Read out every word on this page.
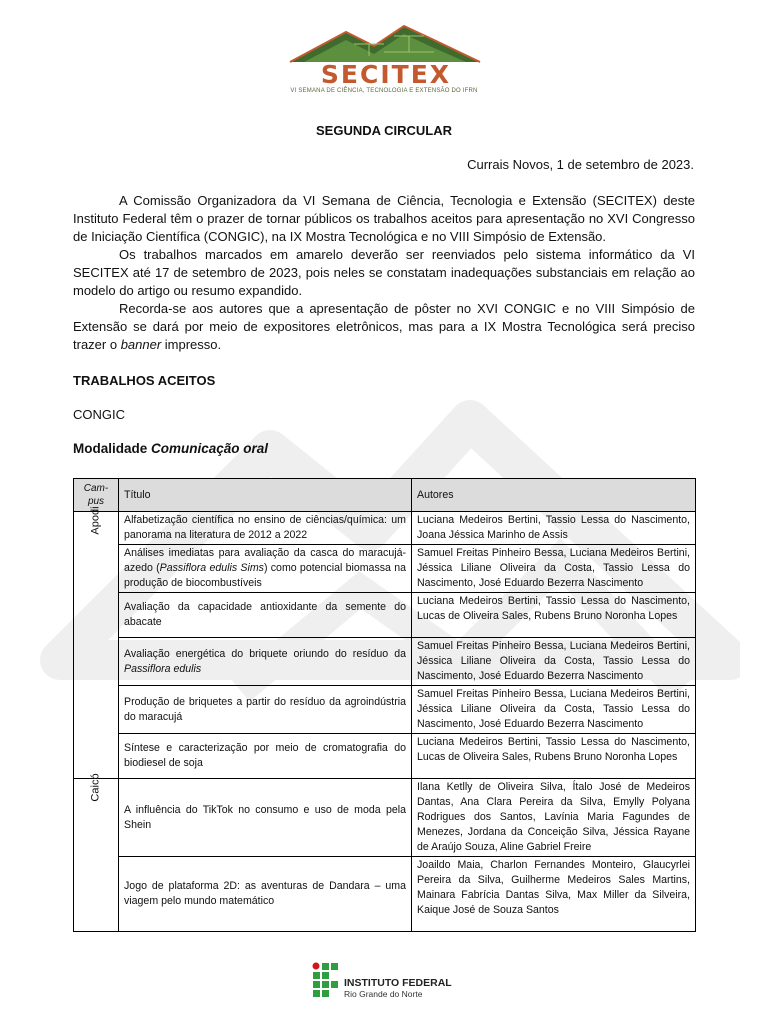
SECITEX
VI SEMANA DE CIÊNCIA, TECNOLOGIA E EXTENSÃO DO IFRN
SEGUNDA CIRCULAR
Currais Novos, 1 de setembro de 2023.

A Comissão Organizadora da VI Semana de Ciência, Tecnologia e Extensão (SECITEX) deste Instituto Federal têm o prazer de tornar públicos os trabalhos aceitos para apresentação no XVI Congresso de Iniciação Científica (CONGIC), na IX Mostra Tecnológica e no VIII Simpósio de Extensão.

Os trabalhos marcados em amarelo deverão ser reenviados pelo sistema informático da VI SECITEX até 17 de setembro de 2023, pois neles se constatam inadequações substanciais em relação ao modelo do artigo ou resumo expandido.

Recorda-se aos autores que a apresentação de pôster no XVI CONGIC e no VIII Simpósio de Extensão se dará por meio de expositores eletrônicos, mas para a IX Mostra Tecnológica será preciso trazer o banner impresso.

TRABALHOS ACEITOS
CONGIC
Modalidade Comunicação oral
Cam-pus	Título	Autores
Apodi	Alfabetização científica no ensino de ciências/química: um panorama na literatura de 2012 a 2022	Luciana Medeiros Bertini, Tassio Lessa do Nascimento, Joana Jéssica Marinho de Assis
	Análises imediatas para avaliação da casca do maracujá-azedo (Passiflora edulis Sims) como potencial biomassa na produção de biocombustíveis	Samuel Freitas Pinheiro Bessa, Luciana Medeiros Bertini, Jéssica Liliane Oliveira da Costa, Tassio Lessa do Nascimento, José Eduardo Bezerra Nascimento
	Avaliação da capacidade antioxidante da semente do abacate	Luciana Medeiros Bertini, Tassio Lessa do Nascimento, Lucas de Oliveira Sales, Rubens Bruno Noronha Lopes
	Avaliação energética do briquete oriundo do resíduo da Passiflora edulis	Samuel Freitas Pinheiro Bessa, Luciana Medeiros Bertini, Jéssica Liliane Oliveira da Costa, Tassio Lessa do Nascimento, José Eduardo Bezerra Nascimento
	Produção de briquetes a partir do resíduo da agroindústria do maracujá	Samuel Freitas Pinheiro Bessa, Luciana Medeiros Bertini, Jéssica Liliane Oliveira da Costa, Tassio Lessa do Nascimento, José Eduardo Bezerra Nascimento
	Síntese e caracterização por meio de cromatografia do biodiesel de soja	Luciana Medeiros Bertini, Tassio Lessa do Nascimento, Lucas de Oliveira Sales, Rubens Bruno Noronha Lopes
Caicó	A influência do TikTok no consumo e uso de moda pela Shein	Ilana Ketlly de Oliveira Silva, Ítalo José de Medeiros Dantas, Ana Clara Pereira da Silva, Emylly Polyana Rodrigues dos Santos, Lavínia Maria Fagundes de Menezes, Jordana da Conceição Silva, Jéssica Rayane de Araújo Souza, Aline Gabriel Freire
	Jogo de plataforma 2D: as aventuras de Dandara – uma viagem pelo mundo matemático	Joaildo Maia, Charlon Fernandes Monteiro, Glaucyrlei Pereira da Silva, Guilherme Medeiros Sales Martins, Mainara Fabrícia Dantas Silva, Max Miller da Silveira, Kaique José de Souza Santos
INSTITUTO FEDERAL
Rio Grande do Norte
